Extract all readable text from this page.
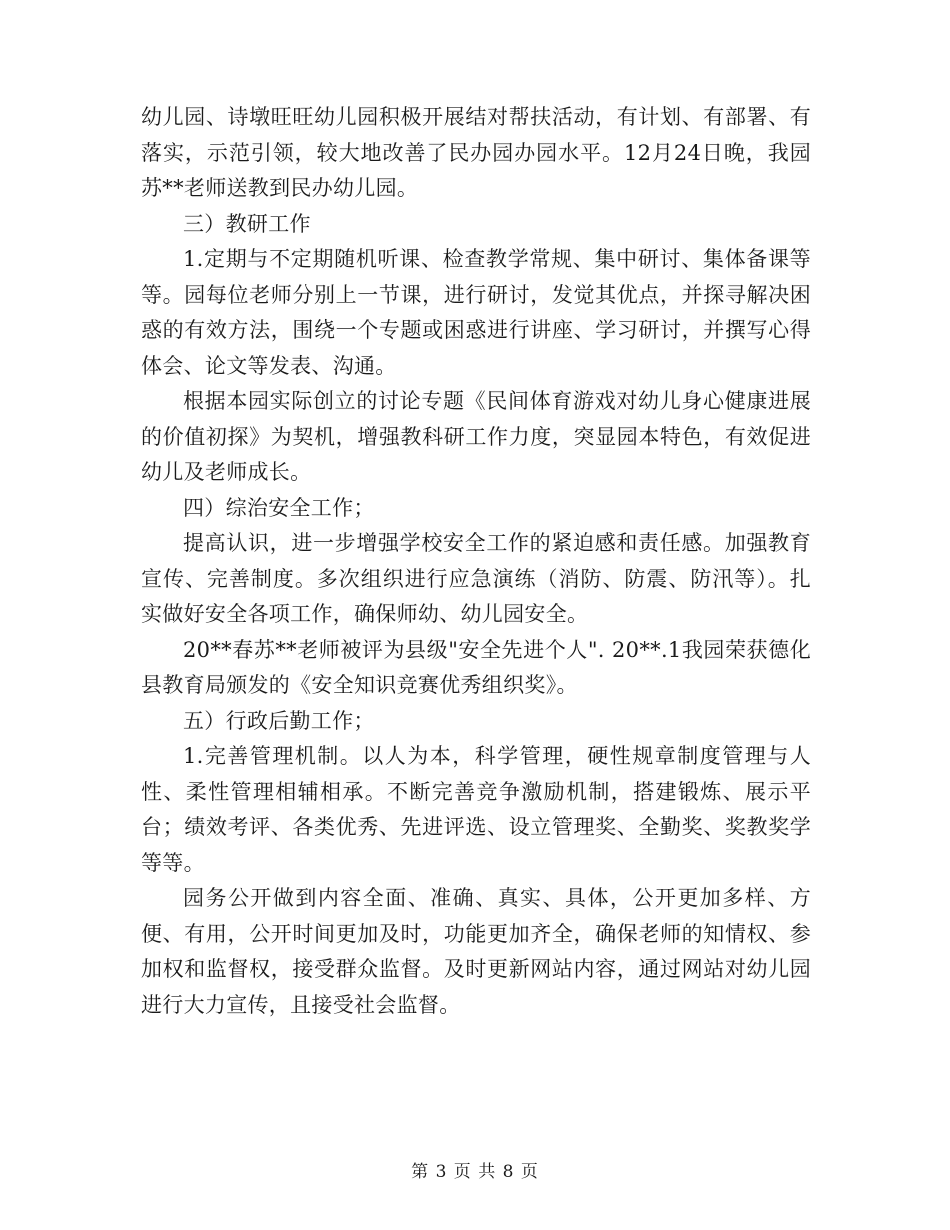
幼儿园、诗墩旺旺幼儿园积极开展结对帮扶活动，有计划、有部署、有落实，示范引领，较大地改善了民办园办园水平。12月24日晚，我园苏**老师送教到民办幼儿园。

三）教研工作

1.定期与不定期随机听课、检查教学常规、集中研讨、集体备课等等。园每位老师分别上一节课，进行研讨，发觉其优点，并探寻解决困惑的有效方法，围绕一个专题或困惑进行讲座、学习研讨，并撰写心得体会、论文等发表、沟通。

根据本园实际创立的讨论专题《民间体育游戏对幼儿身心健康进展的价值初探》为契机，增强教科研工作力度，突显园本特色，有效促进幼儿及老师成长。

四）综治安全工作；

提高认识，进一步增强学校安全工作的紧迫感和责任感。加强教育宣传、完善制度。多次组织进行应急演练（消防、防震、防汛等）。扎实做好安全各项工作，确保师幼、幼儿园安全。

20**春苏**老师被评为县级"安全先进个人". 20**.1我园荣获德化县教育局颁发的《安全知识竞赛优秀组织奖》。

五）行政后勤工作；

1.完善管理机制。以人为本，科学管理，硬性规章制度管理与人性、柔性管理相辅相承。不断完善竞争激励机制，搭建锻炼、展示平台；绩效考评、各类优秀、先进评选、设立管理奖、全勤奖、奖教奖学等等。

园务公开做到内容全面、准确、真实、具体，公开更加多样、方便、有用，公开时间更加及时，功能更加齐全，确保老师的知情权、参加权和监督权，接受群众监督。及时更新网站内容，通过网站对幼儿园进行大力宣传，且接受社会监督。

第 3 页 共 8 页
